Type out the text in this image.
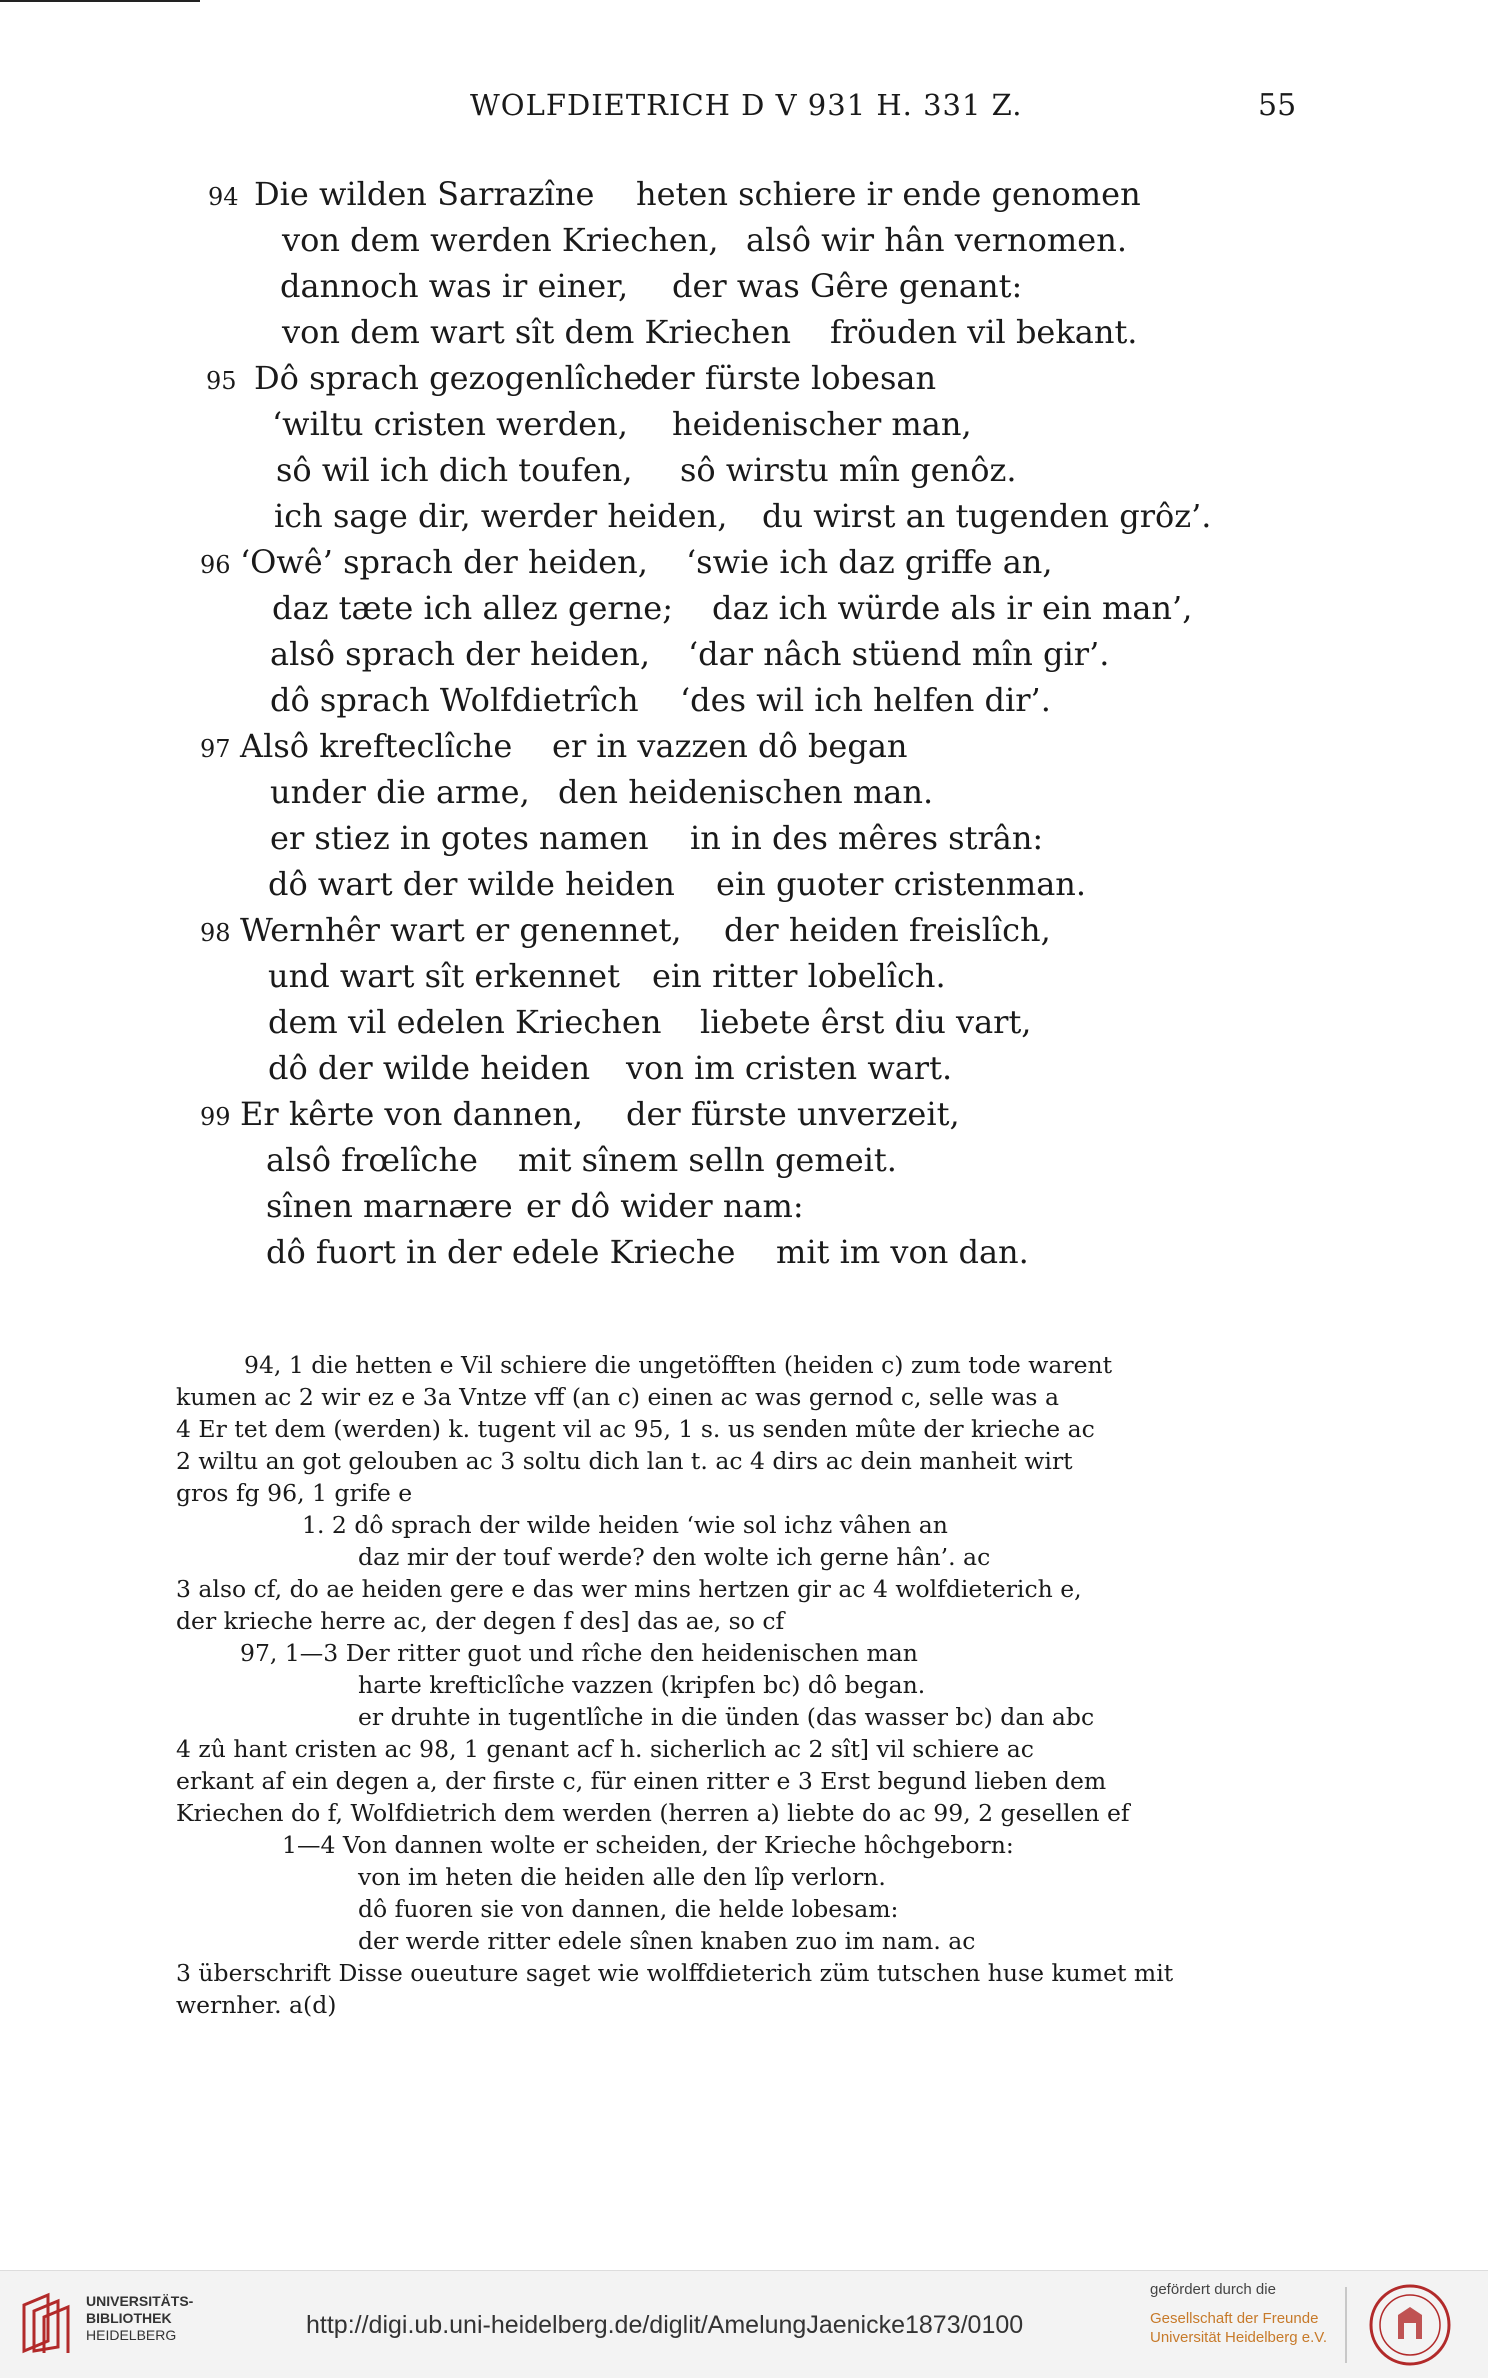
WOLFDIETRICH D V 931 H. 331 Z.	55
94 Die wilden Sarrazîne heten schiere ir ende genomen
von dem werden Kriechen, alsô wir hân vernomen.
dannoch was ir einer, der was Gêre genant:
von dem wart sît dem Kriechen fröuden vil bekant.
95 Dô sprach gezogenlîche
der fürste lobesan
‘wiltu cristen werden, heidenischer man,
sô wil ich dich toufen, sô wirstu mîn genôz.
ich sage dir, werder heiden, du wirst an tugenden grôz’.
96 ‘Owê’ sprach der heiden, ‘swie ich daz griffe an,
daz tæte ich allez gerne; daz ich würde als ir ein man’,
alsô sprach der heiden, ‘dar nâch stüend mîn gir’.
dô sprach Wolfdietrîch ‘des wil ich helfen dir’.
97 Alsô krefteclîche er in vazzen dô began
under die arme, den heidenischen man.
er stiez in gotes namen in in des mêres strân:
dô wart der wilde heiden ein guoter cristenman.
98 Wernhêr wart er genennet, der heiden freislîch,
und wart sît erkennet ein ritter lobelîch.
dem vil edelen Kriechen liebete êrst diu vart,
dô der wilde heiden von im cristen wart.
99 Er kêrte von dannen, der fürste unverzeit,
alsô frœlîche mit sînem selln gemeit.
sînen marnære er dô wider nam:
dô fuort in der edele Krieche mit im von dan.
94, 1 die hetten e Vil schiere die ungetöfften (heiden c) zum tode warent
kumen ac 2 wir ez e 3a Vntze vff (an c) einen ac was gernod c, selle was a
4 Er tet dem (werden) k. tugent vil ac 95, 1 s. us senden mûte der krieche ac
2 wiltu an got gelouben ac 3 soltu dich lan t. ac 4 dirs ac dein manheit wirt
gros fg 96, 1 grife e
1. 2 dô sprach der wilde heiden ‘wie sol ichz vâhen an
daz mir der touf werde? den wolte ich gerne hân’. ac
3 also cf, do ae heiden gere e das wer mins hertzen gir ac 4 wolfdieterich e,
der krieche herre ac, der degen f des] das ae, so cf
97, 1—3 Der ritter guot und rîche den heidenischen man
harte krefticlîche vazzen (kripfen bc) dô began.
er druhte in tugentlîche in die ünden (das wasser bc) dan abc
4 zû hant cristen ac 98, 1 genant acf h. sicherlich ac 2 sît] vil schiere ac
erkant af ein degen a, der firste c, für einen ritter e 3 Erst begund lieben dem
Kriechen do f, Wolfdietrich dem werden (herren a) liebte do ac 99, 2 gesellen ef
1—4 Von dannen wolte er scheiden, der Krieche hôchgeborn:
von im heten die heiden alle den lîp verlorn.
dô fuoren sie von dannen, die helde lobesam:
der werde ritter edele sînen knaben zuo im nam. ac
3 überschrift Disse oueuture saget wie wolffdieterich züm tutschen huse kumet mit
wernher. a(d)
UNIVERSITÄTS-
BIBLIOTHEK
HEIDELBERG	http://digi.ub.uni-heidelberg.de/diglit/AmelungJaenicke1873/0100
gefördert durch die
Gesellschaft der Freunde
Universität Heidelberg e.V.
